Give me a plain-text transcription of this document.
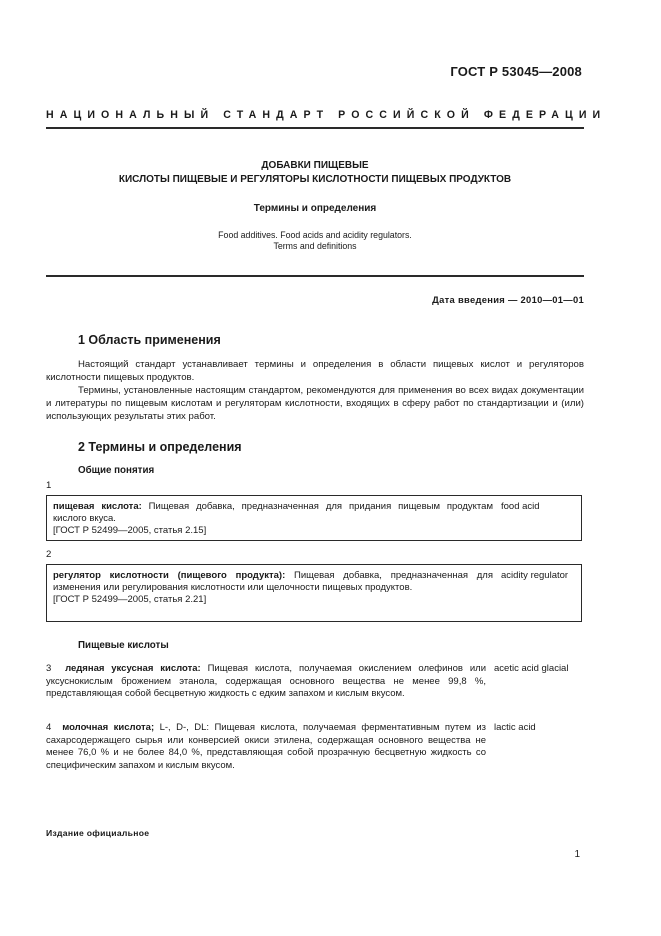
ГОСТ Р 53045—2008
НАЦИОНАЛЬНЫЙ СТАНДАРТ РОССИЙСКОЙ ФЕДЕРАЦИИ
ДОБАВКИ ПИЩЕВЫЕ
КИСЛОТЫ ПИЩЕВЫЕ И РЕГУЛЯТОРЫ КИСЛОТНОСТИ ПИЩЕВЫХ ПРОДУКТОВ
Термины и определения
Food additives. Food acids and acidity regulators.
Terms and definitions
Дата введения — 2010—01—01
1 Область применения

Настоящий стандарт устанавливает термины и определения в области пищевых кислот и регуляторов кислотности пищевых продуктов.

Термины, установленные настоящим стандартом, рекомендуются для применения во всех видах документации и литературы по пищевым кислотам и регуляторам кислотности, входящих в сферу работ по стандартизации и (или) использующих результаты этих работ.

2 Термины и определения
Общие понятия
1
пищевая кислота: Пищевая добавка, предназначенная для придания пищевым продуктам кислого вкуса.
[ГОСТ Р 52499—2005, статья 2.15]
food acid
2
регулятор кислотности (пищевого продукта): Пищевая добавка, предназначенная для изменения или регулирования кислотности или щелочности пищевых продуктов.
[ГОСТ Р 52499—2005, статья 2.21]
acidity regulator
Пищевые кислоты
3 ледяная уксусная кислота: Пищевая кислота, получаемая окислением олефинов или уксуснокислым брожением этанола, содержащая основного вещества не менее 99,8 %, представляющая собой бесцветную жидкость с едким запахом и кислым вкусом.
acetic acid glacial
4 молочная кислота; L-, D-, DL: Пищевая кислота, получаемая ферментативным путем из сахарсодержащего сырья или конверсией окиси этилена, содержащая основного вещества не менее 76,0 % и не более 84,0 %, представляющая собой прозрачную бесцветную жидкость со специфическим запахом и кислым вкусом.
lactic acid
Издание официальное
1
